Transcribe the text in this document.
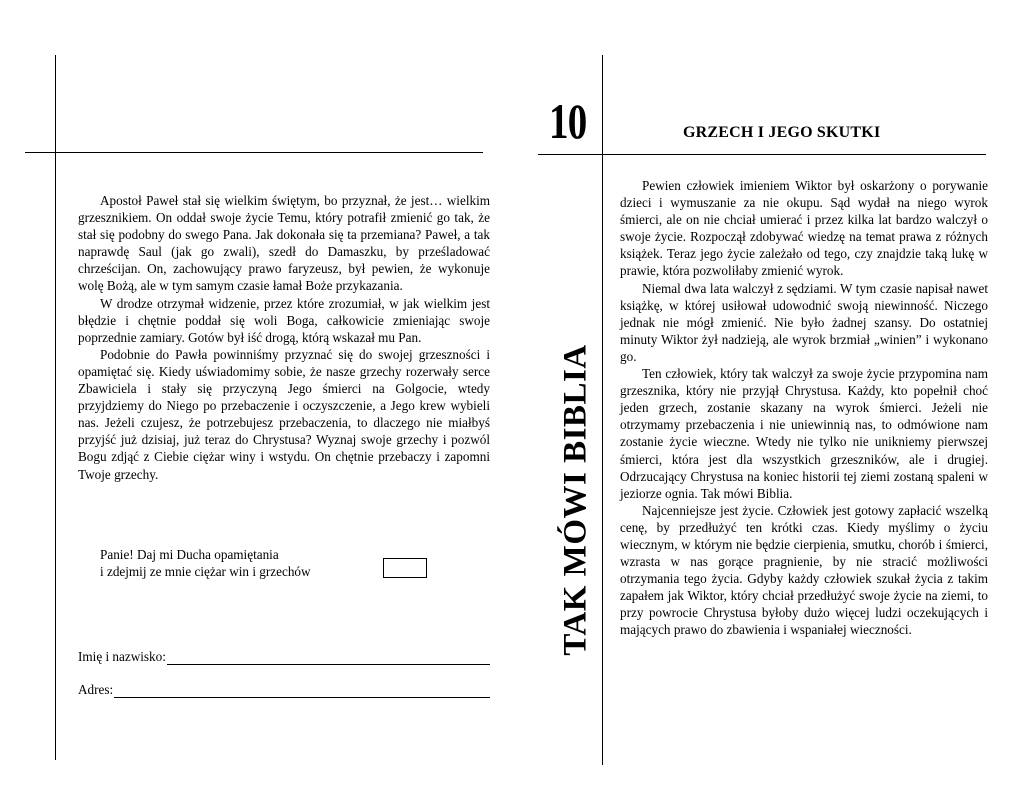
Apostoł Paweł stał się wielkim świętym, bo przyznał, że jest… wielkim grzesznikiem. On oddał swoje życie Temu, który potrafił zmienić go tak, że stał się podobny do swego Pana. Jak dokonała się ta przemiana? Paweł, a tak naprawdę Saul (jak go zwali), szedł do Damaszku, by prześladować chrześcijan. On, zachowujący prawo faryzeusz, był pewien, że wykonuje wolę Bożą, ale w tym samym czasie łamał Boże przykazania.

W drodze otrzymał widzenie, przez które zrozumiał, w jak wielkim jest błędzie i chętnie poddał się woli Boga, całkowicie zmieniając swoje poprzednie zamiary. Gotów był iść drogą, którą wskazał mu Pan.

Podobnie do Pawła powinniśmy przyznać się do swojej grzeszności i opamiętać się. Kiedy uświadomimy sobie, że nasze grzechy rozerwały serce Zbawiciela i stały się przyczyną Jego śmierci na Golgocie, wtedy przyjdziemy do Niego po przebaczenie i oczyszczenie, a Jego krew wybieli nas. Jeżeli czujesz, że potrzebujesz przebaczenia, to dlaczego nie miałbyś przyjść już dzisiaj, już teraz do Chrystusa? Wyznaj swoje grzechy i pozwól Bogu zdjąć z Ciebie ciężar winy i wstydu. On chętnie przebaczy i zapomni Twoje grzechy.

Panie! Daj mi Ducha opamiętania
i zdejmij ze mnie ciężar win i grzechów
Imię i nazwisko:
Adres:
10	GRZECH I JEGO SKUTKI
TAK MÓWI BIBLIA

Pewien człowiek imieniem Wiktor był oskarżony o porywanie dzieci i wymuszanie za nie okupu. Sąd wydał na niego wyrok śmierci, ale on nie chciał umierać i przez kilka lat bardzo walczył o swoje życie. Rozpoczął zdobywać wiedzę na temat prawa z różnych książek. Teraz jego życie zależało od tego, czy znajdzie taką lukę w prawie, która pozwoliłaby zmienić wyrok.

Niemal dwa lata walczył z sędziami. W tym czasie napisał nawet książkę, w której usiłował udowodnić swoją niewinność. Niczego jednak nie mógł zmienić. Nie było żadnej szansy. Do ostatniej minuty Wiktor żył nadzieją, ale wyrok brzmiał „winien” i wykonano go.

Ten człowiek, który tak walczył za swoje życie przypomina nam grzesznika, który nie przyjął Chrystusa. Każdy, kto popełnił choć jeden grzech, zostanie skazany na wyrok śmierci. Jeżeli nie otrzymamy przebaczenia i nie uniewinnią nas, to odmówione nam zostanie życie wieczne. Wtedy nie tylko nie unikniemy pierwszej śmierci, która jest dla wszystkich grzeszników, ale i drugiej. Odrzucający Chrystusa na koniec historii tej ziemi zostaną spaleni w jeziorze ognia. Tak mówi Biblia.

Najcenniejsze jest życie. Człowiek jest gotowy zapłacić wszelką cenę, by przedłużyć ten krótki czas. Kiedy myślimy o życiu wiecznym, w którym nie będzie cierpienia, smutku, chorób i śmierci, wzrasta w nas gorące pragnienie, by nie stracić możliwości otrzymania tego życia. Gdyby każdy człowiek szukał życia z takim zapałem jak Wiktor, który chciał przedłużyć swoje życie na ziemi, to przy powrocie Chrystusa byłoby dużo więcej ludzi oczekujących i mających prawo do zbawienia i wspaniałej wieczności.
